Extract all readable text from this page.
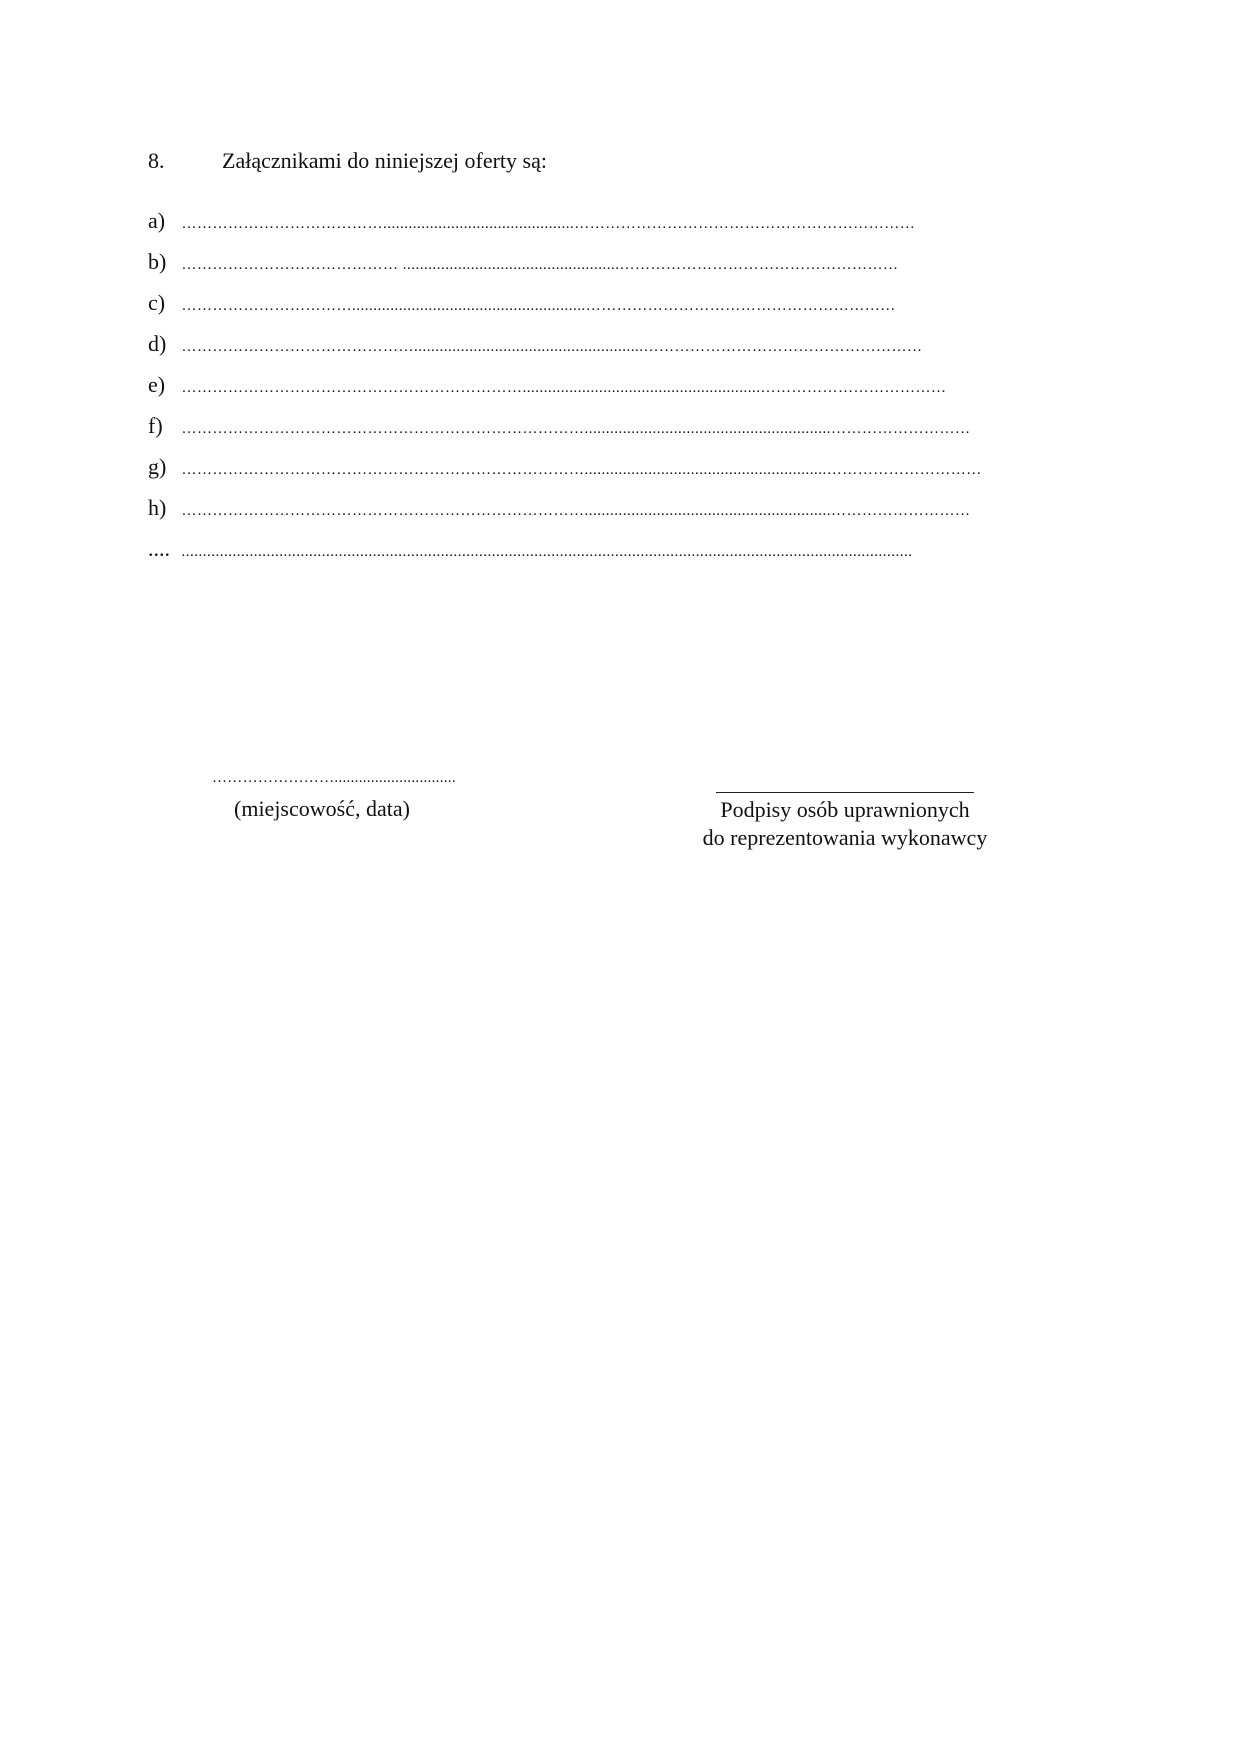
8.	Załącznikami do niniejszej oferty są:
a) ………………………………….............................................…………………………………………………………
b) …………………………………… ...................................................………………………………………………
c) …………………………….......................................................……………………………………………………
d) ………………………………………......................................................………………………………………………
e) …………………………………………………………........................................................………………………………
f) ……………………………………………………………………..........................................................………………………
g) …………………………………………………………………….........................................................…………………………
h) ……………………………………………………………………..........................................................………………………
.... ............................................................................................................................................................................
……………………..............................
(miejscowość, data)	Podpisy osób uprawnionych
do reprezentowania wykonawcy
